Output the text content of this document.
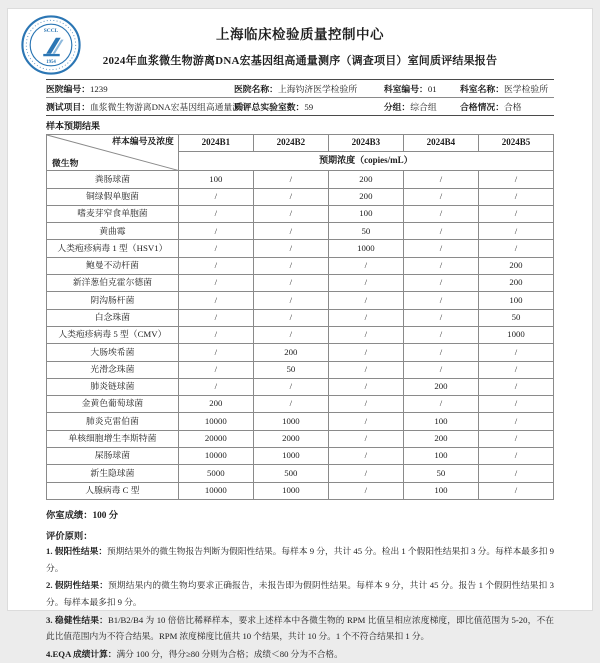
SCCL
1954
上海临床检验质量控制中心
2024年血浆微生物游离DNA宏基因组高通量测序（调查项目）室间质评结果报告
医院编号：1239	医院名称：上海钧济医学检验所	科室编号：01	科室名称：医学检验所
测试项目：血浆微生物游离DNA宏基因组高通量测序
质评总实验室数：59	分组：综合组	合格情况：合格
样本预期结果
样本编号及浓度
微生物	2024B1	2024B2	2024B3	2024B4	2024B5
	预期浓度（copies/mL）				
粪肠球菌	100	/	200	/	/
铜绿假单胞菌	/	/	200	/	/
嗜麦芽窄食单胞菌	/	/	100	/	/
黄曲霉	/	/	50	/	/
人类疱疹病毒 1 型（HSV1）	/	/	1000	/	/
鲍曼不动杆菌	/	/	/	/	200
新洋葱伯克霍尔德菌	/	/	/	/	200
阴沟肠杆菌	/	/	/	/	100
白念珠菌	/	/	/	/	50
人类疱疹病毒 5 型（CMV）	/	/	/	/	1000
大肠埃希菌	/	200	/	/	/
光滑念珠菌	/	50	/	/	/
肺炎链球菌	/	/	/	200	/
金黄色葡萄球菌	200	/	/	/	/
肺炎克雷伯菌	10000	1000	/	100	/
单核细胞增生李斯特菌	20000	2000	/	200	/
屎肠球菌	10000	1000	/	100	/
新生隐球菌	5000	500	/	50	/
人腺病毒 C 型	10000	1000	/	100	/
你室成绩：100 分
评价原则：
1. 假阳性结果：预期结果外的微生物报告判断为假阳性结果。每样本 9 分，共计 45 分。检出 1 个假阳性结果扣 3 分。每样本最多扣 9 分。
2. 假阴性结果：预期结果内的微生物均要求正确报告，未报告即为假阴性结果。每样本 9 分，共计 45 分。报告 1 个假阴性结果扣 3 分。每样本最多扣 9 分。
3. 稳健性结果：B1/B2/B4 为 10 倍倍比稀释样本，要求上述样本中各微生物的 RPM 比值呈相应浓度梯度，即比值范围为 5-20，不在此比值范围内为不符合结果。RPM 浓度梯度比值共 10 个结果，共计 10 分。1 个不符合结果扣 1 分。
4.EQA 成绩计算：满分 100 分，得分≥80 分则为合格；成绩＜80 分为不合格。
